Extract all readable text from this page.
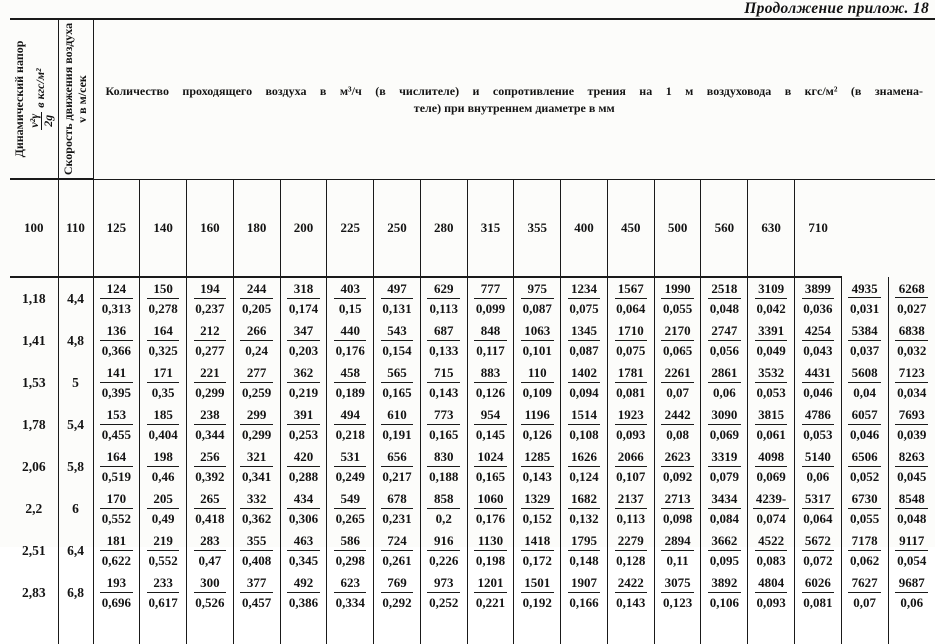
Продолжение прилож. 18
Динамический напор v²γ 2g
в кгс/м²	Скорость движения воздуха v в м/сек	Количество проходящего воздуха в м³/ч (в числителе) и сопротивление трения на 1 м воздуховода в кгс/м² (в знамена-
теле) при внутреннем диаметре в мм

100	110	125	140	160	180	200	225	250	280	315	355	400	450	500	560	630	710		
1,18	4,4	124
0,313
	150
0,278
	194
0,237
	244
0,205
	318
0,174
	403
0,15
	497
0,131
	629
0,113
	777
0,099
	975
0,087
	1234
0,075
	1567
0,064
	1990
0,055
	2518
0,048
	3109
0,042
	3899
0,036
	4935
0,031
	6268
0,027

1,41	4,8	136
0,366
	164
0,325
	212
0,277
	266
0,24
	347
0,203
	440
0,176
	543
0,154
	687
0,133
	848
0,117
	1063
0,101
	1345
0,087
	1710
0,075
	2170
0,065
	2747
0,056
	3391
0,049
	4254
0,043
	5384
0,037
	6838
0,032

1,53	5	141
0,395
	171
0,35
	221
0,299
	277
0,259
	362
0,219
	458
0,189
	565
0,165
	715
0,143
	883
0,126
	110
0,109
	1402
0,094
	1781
0,081
	2261
0,07
	2861
0,06
	3532
0,053
	4431
0,046
	5608
0,04
	7123
0,034

1,78	5,4	153
0,455
	185
0,404
	238
0,344
	299
0,299
	391
0,253
	494
0,218
	610
0,191
	773
0,165
	954
0,145
	1196
0,126
	1514
0,108
	1923
0,093
	2442
0,08
	3090
0,069
	3815
0,061
	4786
0,053
	6057
0,046
	7693
0,039

2,06	5,8	164
0,519
	198
0,46
	256
0,392
	321
0,341
	420
0,288
	531
0,249
	656
0,217
	830
0,188
	1024
0,165
	1285
0,143
	1626
0,124
	2066
0,107
	2623
0,092
	3319
0,079
	4098
0,069
	5140
0,06
	6506
0,052
	8263
0,045

2,2	6	170
0,552
	205
0,49
	265
0,418
	332
0,362
	434
0,306
	549
0,265
	678
0,231
	858
0,2
	1060
0,176
	1329
0,152
	1682
0,132
	2137
0,113
	2713
0,098
	3434
0,084
	4239-
0,074
	5317
0,064
	6730
0,055
	8548
0,048

2,51	6,4	181
0,622
	219
0,552
	283
0,47
	355
0,408
	463
0,345
	586
0,298
	724
0,261
	916
0,226
	1130
0,198
	1418
0,172
	1795
0,148
	2279
0,128
	2894
0,11
	3662
0,095
	4522
0,083
	5672
0,072
	7178
0,062
	9117
0,054

2,83	6,8	193
0,696
	233
0,617
	300
0,526
	377
0,457
	492
0,386
	623
0,334
	769
0,292
	973
0,252
	1201
0,221
	1501
0,192
	1907
0,166
	2422
0,143
	3075
0,123
	3892
0,106
	4804
0,093
	6026
0,081
	7627
0,07
	9687
0,06
